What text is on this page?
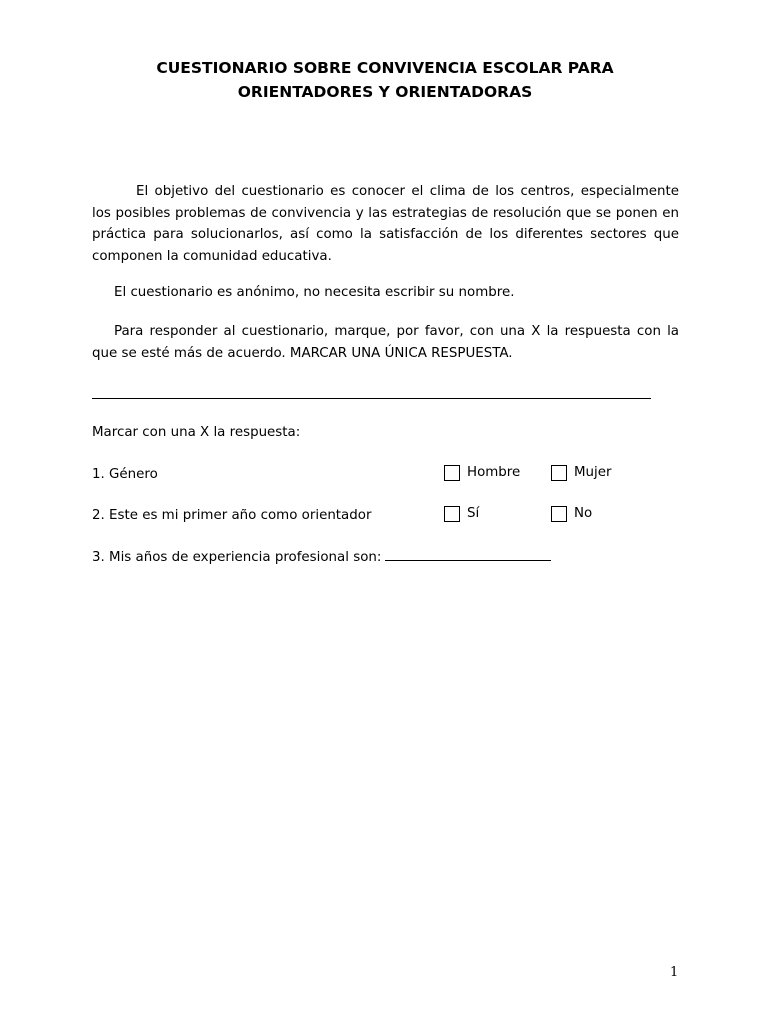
CUESTIONARIO SOBRE CONVIVENCIA ESCOLAR PARA
ORIENTADORES Y ORIENTADORAS
El objetivo del cuestionario es conocer el clima de los centros, especialmente los posibles problemas de convivencia y las estrategias de resolución que se ponen en práctica para solucionarlos, así como la satisfacción de los diferentes sectores que componen la comunidad educativa.
El cuestionario es anónimo, no necesita escribir su nombre.
Para responder al cuestionario, marque, por favor, con una X la respuesta con la que se esté más de acuerdo. MARCAR UNA ÚNICA RESPUESTA.
Marcar con una X la respuesta:
1. Género	Hombre	Mujer
2. Este es mi primer año como orientador	Sí	No
3. Mis años de experiencia profesional son:
1
